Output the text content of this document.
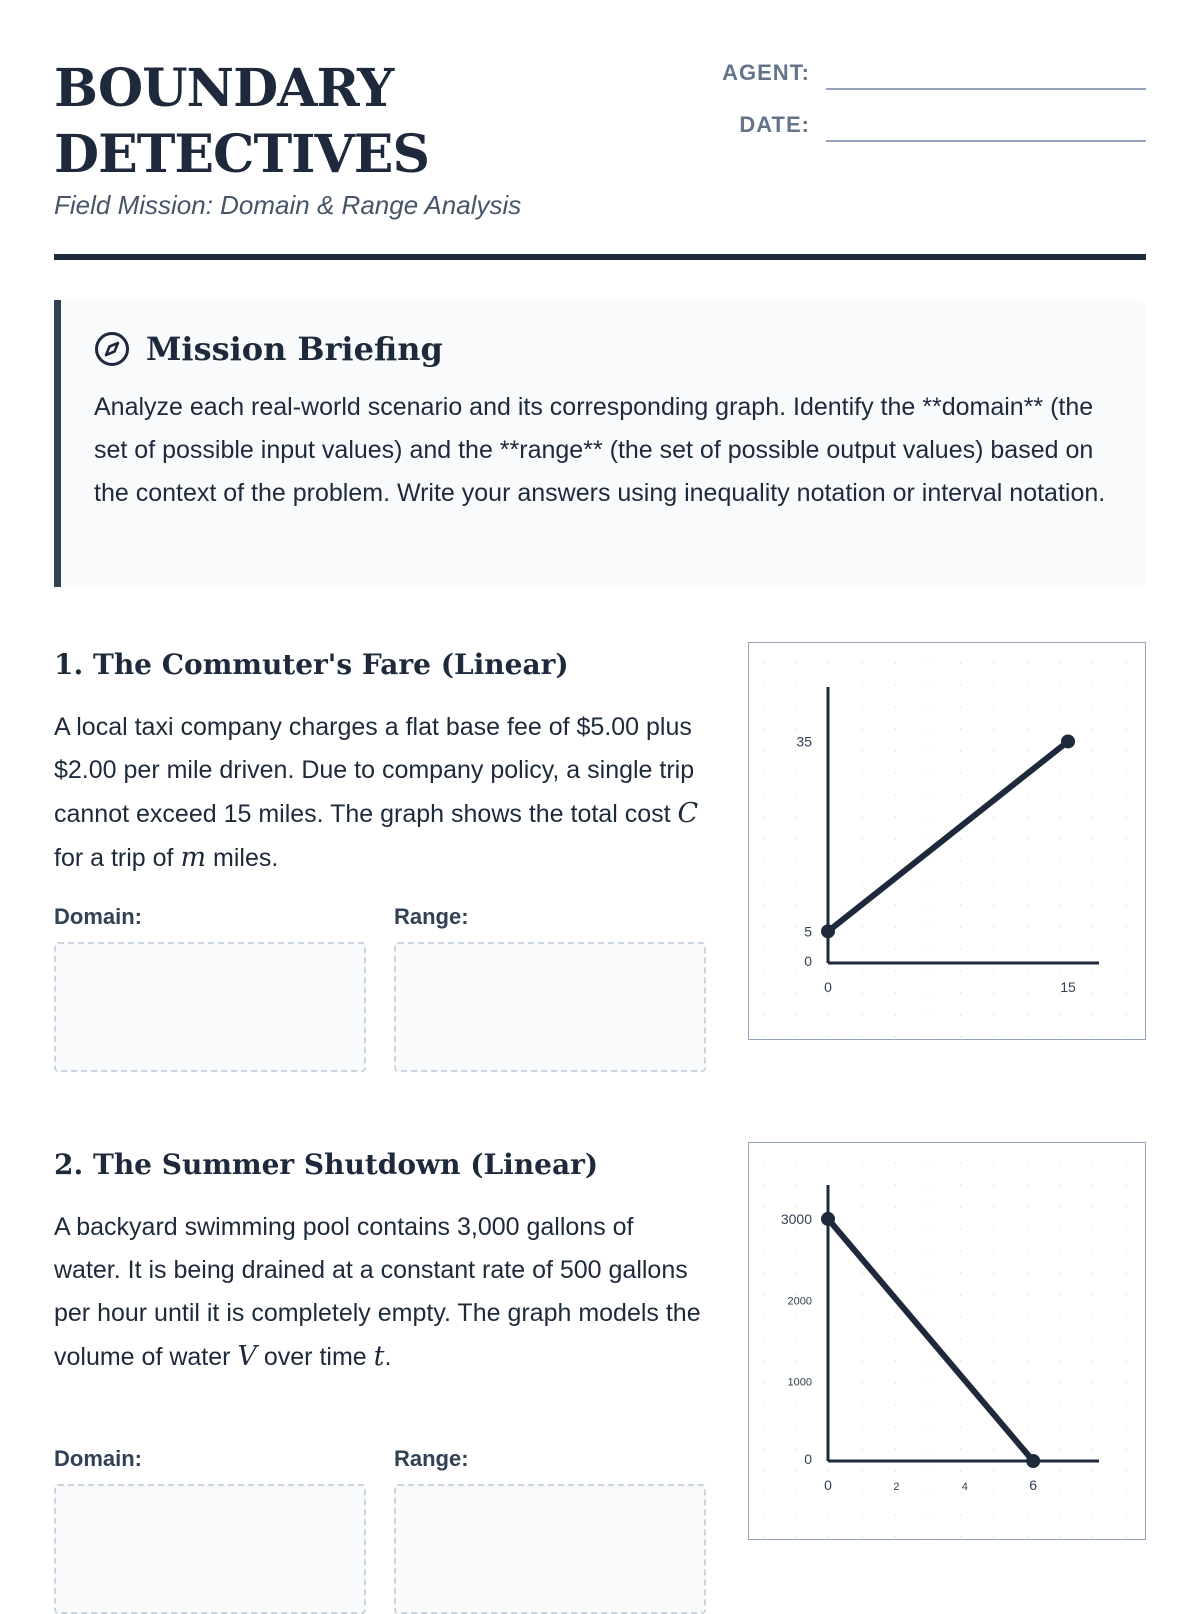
BOUNDARY
DETECTIVES
Field Mission: Domain & Range Analysis
AGENT:
DATE:
Mission Briefing
Analyze each real-world scenario and its corresponding graph. Identify the **domain** (the set of possible input values) and the **range** (the set of possible output values) based on the context of the problem. Write your answers using inequality notation or interval notation.
1. The Commuter's Fare (Linear)
A local taxi company charges a flat base fee of $5.00 plus $2.00 per mile driven. Due to company policy, a single trip cannot exceed 15 miles. The graph shows the total cost C for a trip of m miles.
Domain:	Range:
0	15
0
5
35
2. The Summer Shutdown (Linear)
A backyard swimming pool contains 3,000 gallons of water. It is being drained at a constant rate of 500 gallons per hour until it is completely empty. The graph models the volume of water V over time t.
Domain:	Range:
0	2	4	6
0
1000
2000
3000
